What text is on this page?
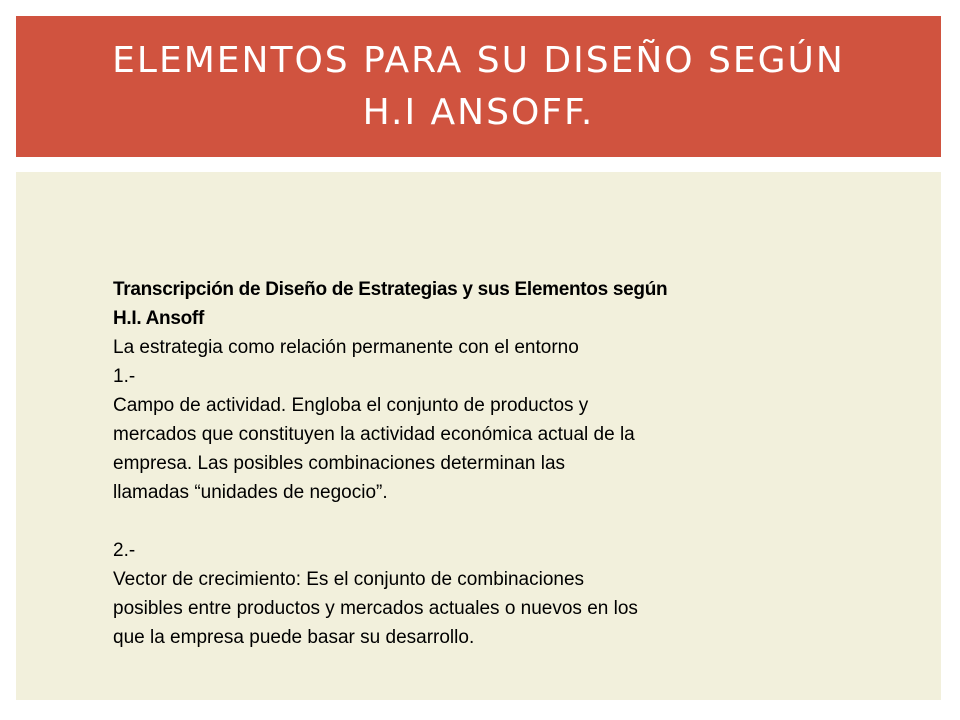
ELEMENTOS PARA SU DISEÑO SEGÚN
H.I ANSOFF.
Transcripción de Diseño de Estrategias y sus Elementos según
H.I. Ansoff
La estrategia como relación permanente con el entorno
1.-
Campo de actividad. Engloba el conjunto de productos y
mercados que constituyen la actividad económica actual de la
empresa. Las posibles combinaciones determinan las
llamadas “unidades de negocio”.
2.-
Vector de crecimiento: Es el conjunto de combinaciones
posibles entre productos y mercados actuales o nuevos en los
que la empresa puede basar su desarrollo.
